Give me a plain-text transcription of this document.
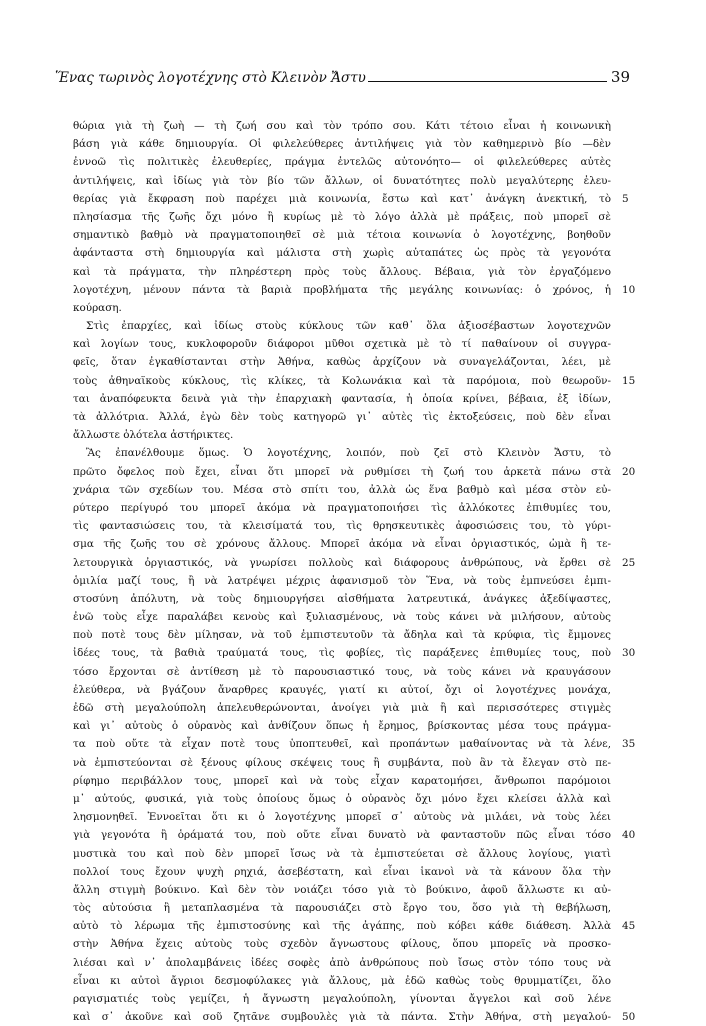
Ἕνας τωρινὸς λογοτέχνης στὸ Κλεινὸν Ἄστυ	39
θώρια γιὰ τὴ ζωὴ — τὴ ζωή σου καὶ τὸν τρόπο σου. Κάτι τέτοιο εἶναι ἡ κοινωνικὴ
βάση γιὰ κάθε δημιουργία. Οἱ φιλελεύθερες ἀντιλήψεις γιὰ τὸν καθημερινὸ βίο —δὲν
ἐννοῶ τὶς πολιτικὲς ἐλευθερίες, πράγμα ἐντελῶς αὐτονόητο— οἱ φιλελεύθερες αὐτὲς
ἀντιλήψεις, καὶ ἰδίως γιὰ τὸν βίο τῶν ἄλλων, οἱ δυνατότητες πολὺ μεγαλύτερης ἐλευ-
θερίας γιὰ ἔκφραση ποὺ παρέχει μιὰ κοινωνία, ἔστω καὶ κατ᾽ ἀνάγκη ἀνεκτική, τὸ 5
πλησίασμα τῆς ζωῆς ὄχι μόνο ἢ κυρίως μὲ τὸ λόγο ἀλλὰ μὲ πράξεις, ποὺ μπορεῖ σὲ
σημαντικὸ βαθμὸ νὰ πραγματοποιηθεῖ σὲ μιὰ τέτοια κοινωνία ὁ λογοτέχνης, βοηθοῦν
ἀφάνταστα στὴ δημιουργία καὶ μάλιστα στὴ χωρὶς αὐταπάτες ὡς πρὸς τὰ γεγονότα
καὶ τὰ πράγματα, τὴν πληρέστερη πρὸς τοὺς ἄλλους. Βέβαια, γιὰ τὸν ἐργαζόμενο
λογοτέχνη, μένουν πάντα τὰ βαριὰ προβλήματα τῆς μεγάλης κοινωνίας: ὁ χρόνος, ἡ 10
κούραση.
Στὶς ἐπαρχίες, καὶ ἰδίως στοὺς κύκλους τῶν καθ᾽ ὅλα ἀξιοσέβαστων λογοτεχνῶν
καὶ λογίων τους, κυκλοφοροῦν διάφοροι μῦθοι σχετικὰ μὲ τὸ τί παθαίνουν οἱ συγγρα-
φεῖς, ὅταν ἐγκαθίστανται στὴν Ἀθήνα, καθὼς ἀρχίζουν νὰ συναγελάζονται, λέει, μὲ
τοὺς ἀθηναϊκοὺς κύκλους, τὶς κλίκες, τὰ Κολωνάκια καὶ τὰ παρόμοια, ποὺ θεωροῦν- 15
ται ἀναπόφευκτα δεινὰ γιὰ τὴν ἐπαρχιακὴ φαντασία, ἡ ὁποία κρίνει, βέβαια, ἐξ ἰδίων,
τὰ ἀλλότρια. Ἀλλά, ἐγὼ δὲν τοὺς κατηγορῶ γι᾽ αὐτὲς τὶς ἐκτοξεύσεις, ποὺ δὲν εἶναι
ἄλλωστε ὁλότελα ἀστήρικτες.
Ἂς ἐπανέλθουμε ὅμως. Ὁ λογοτέχνης, λοιπόν, ποὺ ζεῖ στὸ Κλεινὸν Ἄστυ, τὸ
πρῶτο ὄφελος ποὺ ἔχει, εἶναι ὅτι μπορεῖ νὰ ρυθμίσει τὴ ζωή του ἀρκετὰ πάνω στὰ 20
χνάρια τῶν σχεδίων του. Μέσα στὸ σπίτι του, ἀλλὰ ὡς ἕνα βαθμὸ καὶ μέσα στὸν εὐ-
ρύτερο περίγυρό του μπορεῖ ἀκόμα νὰ πραγματοποιήσει τὶς ἀλλόκοτες ἐπιθυμίες του,
τὶς φαντασιώσεις του, τὰ κλεισίματά του, τὶς θρησκευτικὲς ἀφοσιώσεις του, τὸ γύρι-
σμα τῆς ζωῆς του σὲ χρόνους ἄλλους. Μπορεῖ ἀκόμα νὰ εἶναι ὀργιαστικός, ὠμὰ ἢ τε-
λετουργικὰ ὀργιαστικός, νὰ γνωρίσει πολλοὺς καὶ διάφορους ἀνθρώπους, νὰ ἔρθει σὲ 25
ὁμιλία μαζί τους, ἢ νὰ λατρέψει μέχρις ἀφανισμοῦ τὸν Ἕνα, νὰ τοὺς ἐμπνεύσει ἐμπι-
στοσύνη ἀπόλυτη, νὰ τοὺς δημιουργήσει αἰσθήματα λατρευτικά, ἀνάγκες ἀξεδίψαστες,
ἐνῶ τοὺς εἶχε παραλάβει κενοὺς καὶ ξυλιασμένους, νὰ τοὺς κάνει νὰ μιλήσουν, αὐτοὺς
ποὺ ποτὲ τους δὲν μίλησαν, νὰ τοῦ ἐμπιστευτοῦν τὰ ἄδηλα καὶ τὰ κρύφια, τὶς ἔμμονες
ἰδέες τους, τὰ βαθιὰ τραύματά τους, τὶς φοβίες, τὶς παράξενες ἐπιθυμίες τους, ποὺ 30
τόσο ἔρχονται σὲ ἀντίθεση μὲ τὸ παρουσιαστικό τους, νὰ τοὺς κάνει νὰ κραυγάσουν
ἐλεύθερα, νὰ βγάζουν ἄναρθρες κραυγές, γιατί κι αὐτοί, ὄχι οἱ λογοτέχνες μονάχα,
ἐδῶ στὴ μεγαλούπολη ἀπελευθερώνονται, ἀνοίγει γιὰ μιὰ ἢ καὶ περισσότερες στιγμὲς
καὶ γι᾽ αὐτοὺς ὁ οὐρανὸς καὶ ἀνθίζουν ὅπως ἡ ἔρημος, βρίσκοντας μέσα τους πράγμα-
τα ποὺ οὔτε τὰ εἶχαν ποτὲ τους ὑποπτευθεῖ, καὶ προπάντων μαθαίνοντας νὰ τὰ λένε, 35
νὰ ἐμπιστεύονται σὲ ξένους φίλους σκέψεις τους ἢ συμβάντα, ποὺ ἂν τὰ ἔλεγαν στὸ πε-
ρίφημο περιβάλλον τους, μπορεῖ καὶ νὰ τοὺς εἶχαν καρατομήσει, ἄνθρωποι παρόμοιοι
μ᾽ αὐτούς, φυσικά, γιὰ τοὺς ὁποίους ὅμως ὁ οὐρανὸς ὄχι μόνο ἔχει κλείσει ἀλλὰ καὶ
λησμονηθεῖ. Ἐννοεῖται ὅτι κι ὁ λογοτέχνης μπορεῖ σ᾽ αὐτοὺς νὰ μιλάει, νὰ τοὺς λέει
γιὰ γεγονότα ἢ ὁράματά του, ποὺ οὔτε εἶναι δυνατὸ νὰ φανταστοῦν πῶς εἶναι τόσο 40
μυστικὰ του καὶ ποὺ δὲν μπορεῖ ἴσως νὰ τὰ ἐμπιστεύεται σὲ ἄλλους λογίους, γιατὶ
πολλοί τους ἔχουν ψυχὴ ρηχιά, ἀσεβέστατη, καὶ εἶναι ἱκανοὶ νὰ τὰ κάνουν ὅλα τὴν
ἄλλη στιγμὴ βούκινο. Καὶ δὲν τὸν νοιάζει τόσο γιὰ τὸ βούκινο, ἀφοῦ ἄλλωστε κι αὐ-
τὸς αὐτούσια ἢ μεταπλασμένα τὰ παρουσιάζει στὸ ἔργο του, ὅσο γιὰ τὴ θεβήλωση,
αὐτὸ τὸ λέρωμα τῆς ἐμπιστοσύνης καὶ τῆς ἀγάπης, ποὺ κόβει κάθε διάθεση. Ἀλλὰ 45
στὴν Ἀθήνα ἔχεις αὐτοὺς τοὺς σχεδὸν ἄγνωστους φίλους, ὅπου μπορεῖς νὰ προσκο-
λιέσαι καὶ ν᾽ ἀπολαμβάνεις ἰδέες σοφὲς ἀπὸ ἀνθρώπους ποὺ ἴσως στὸν τόπο τους νὰ
εἶναι κι αὐτοὶ ἄγριοι δεσμοφύλακες γιὰ ἄλλους, μὰ ἐδῶ καθὼς τοὺς θρυμματίζει, ὅλο
ραγισματιές τοὺς γεμίζει, ἡ ἄγνωστη μεγαλούπολη, γίνονται ἄγγελοι καὶ σοῦ λένε
καὶ σ᾽ ἀκοῦνε καὶ σοῦ ζητᾶνε συμβουλὲς γιὰ τὰ πάντα. Στὴν Ἀθήνα, στὴ μεγαλού- 50
